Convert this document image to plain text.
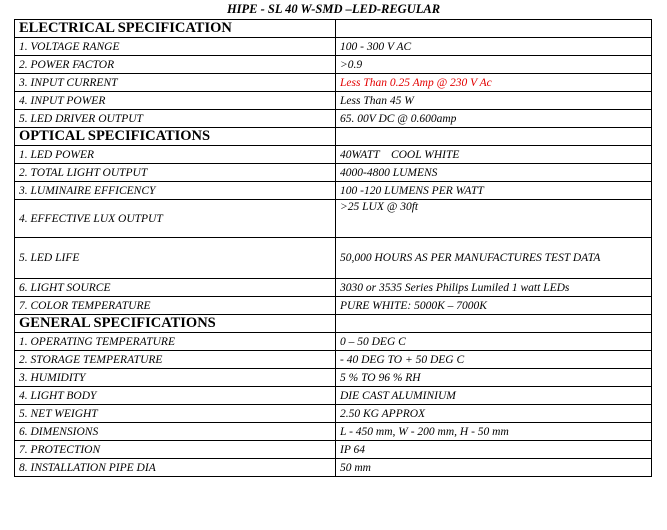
HIPE - SL 40 W-SMD –LED-REGULAR
ELECTRICAL SPECIFICATION	
1. VOLTAGE RANGE	100 - 300 V AC
2. POWER FACTOR	>0.9
3. INPUT CURRENT	Less Than 0.25 Amp @ 230 V Ac
4. INPUT POWER	Less Than 45 W
5. LED DRIVER OUTPUT	65. 00V DC @ 0.600amp
OPTICAL SPECIFICATIONS	
1. LED POWER	40WATT    COOL WHITE
2. TOTAL LIGHT OUTPUT	4000-4800 LUMENS
3. LUMINAIRE EFFICENCY	100 -120 LUMENS PER WATT
4. EFFECTIVE LUX OUTPUT	>25 LUX @ 30ft
5. LED LIFE	50,000 HOURS AS PER MANUFACTURES TEST DATA
6. LIGHT SOURCE	3030 or 3535 Series Philips Lumiled 1 watt LEDs
7. COLOR TEMPERATURE	PURE WHITE: 5000K – 7000K
GENERAL SPECIFICATIONS	
1. OPERATING TEMPERATURE	0 – 50 DEG C
2. STORAGE TEMPERATURE	- 40 DEG TO + 50 DEG C
3. HUMIDITY	5 % TO 96 % RH
4. LIGHT BODY	DIE CAST ALUMINIUM
5. NET WEIGHT	2.50 KG APPROX
6. DIMENSIONS	L - 450 mm, W - 200 mm, H - 50 mm
7. PROTECTION	IP 64
8. INSTALLATION PIPE DIA	50 mm
